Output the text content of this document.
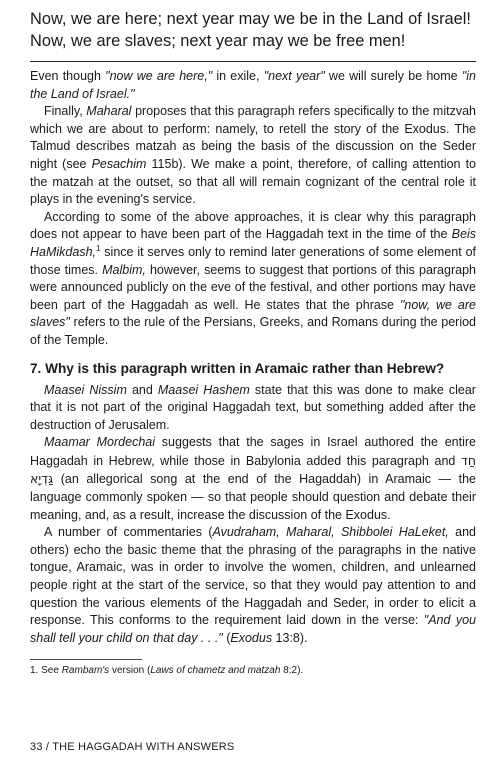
Now, we are here; next year may we be in the Land of Israel!
Now, we are slaves; next year may we be free men!

Even though "now we are here," in exile, "next year" we will surely be home "in the Land of Israel."

Finally, Maharal proposes that this paragraph refers specifically to the mitzvah which we are about to perform: namely, to retell the story of the Exodus. The Talmud describes matzah as being the basis of the discussion on the Seder night (see Pesachim 115b). We make a point, therefore, of calling attention to the matzah at the outset, so that all will remain cognizant of the central role it plays in the evening's service.

According to some of the above approaches, it is clear why this paragraph does not appear to have been part of the Haggadah text in the time of the Beis HaMikdash,$^1$ since it serves only to remind later generations of some element of those times. Malbim, however, seems to suggest that portions of this paragraph were announced publicly on the eve of the festival, and other portions may have been part of the Haggadah as well. He states that the phrase "now, we are slaves" refers to the rule of the Persians, Greeks, and Romans during the period of the Temple.

7. Why is this paragraph written in Aramaic rather than Hebrew?

Maasei Nissim and Maasei Hashem state that this was done to make clear that it is not part of the original Haggadah text, but something added after the destruction of Jerusalem.

Maamar Mordechai suggests that the sages in Israel authored the entire Haggadah in Hebrew, while those in Babylonia added this paragraph and חַד גַּדְיָא (an allegorical song at the end of the Hagaddah) in Aramaic — the language commonly spoken — so that people should question and debate their meaning, and, as a result, increase the discussion of the Exodus.

A number of commentaries (Avudraham, Maharal, Shibbolei HaLeket, and others) echo the basic theme that the phrasing of the paragraphs in the native tongue, Aramaic, was in order to involve the women, children, and unlearned people right at the start of the service, so that they would pay attention to and question the various elements of the Haggadah and Seder, in order to elicit a response. This conforms to the requirement laid down in the verse: "And you shall tell your child on that day . . ." (Exodus 13:8).

1. See Rambam's version (Laws of chametz and matzah 8:2).

33 / THE HAGGADAH WITH ANSWERS
